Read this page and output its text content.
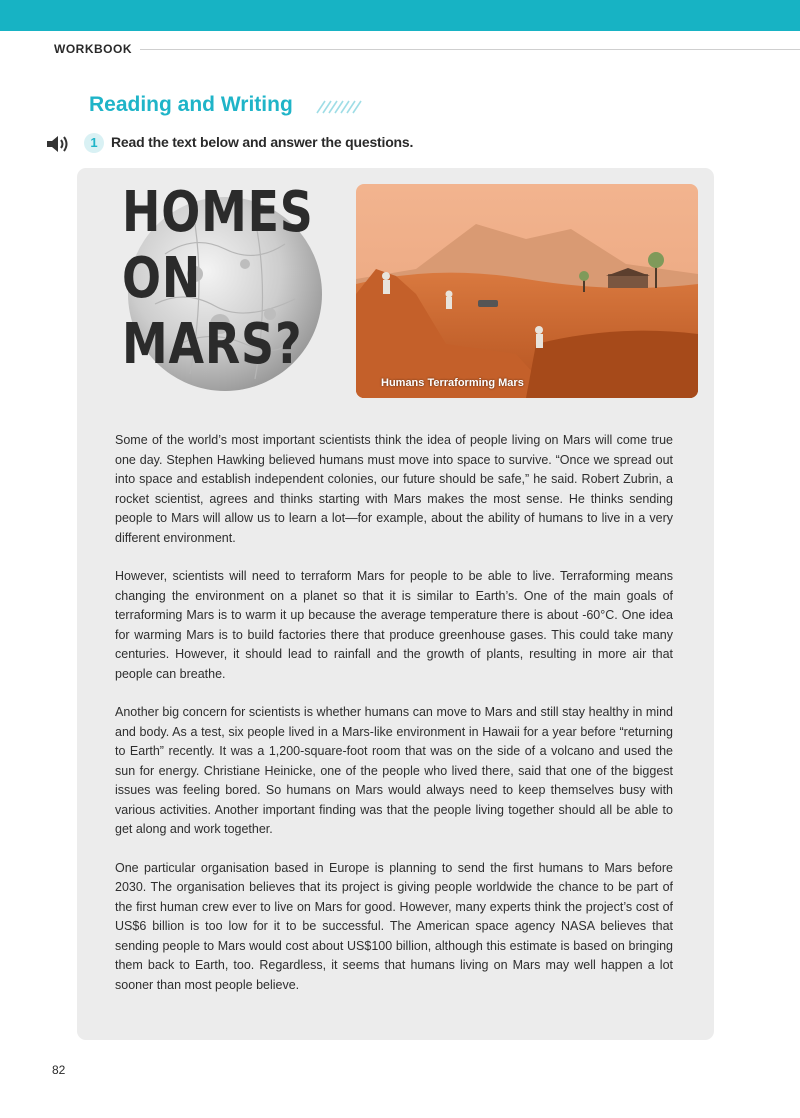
WORKBOOK
Reading and Writing
1 Read the text below and answer the questions.
HOMES
ON
MARS?
Humans Terraforming Mars

Some of the world’s most important scientists think the idea of people living on Mars will come true one day. Stephen Hawking believed humans must move into space to survive. “Once we spread out into space and establish independent colonies, our future should be safe,” he said. Robert Zubrin, a rocket scientist, agrees and thinks starting with Mars makes the most sense. He thinks sending people to Mars will allow us to learn a lot—for example, about the ability of humans to live in a very different environment.

However, scientists will need to terraform Mars for people to be able to live. Terraforming means changing the environment on a planet so that it is similar to Earth’s. One of the main goals of terraforming Mars is to warm it up because the average temperature there is about -60°C. One idea for warming Mars is to build factories there that produce greenhouse gases. This could take many centuries. However, it should lead to rainfall and the growth of plants, resulting in more air that people can breathe.

Another big concern for scientists is whether humans can move to Mars and still stay healthy in mind and body. As a test, six people lived in a Mars-like environment in Hawaii for a year before “returning to Earth” recently. It was a 1,200-square-foot room that was on the side of a volcano and used the sun for energy. Christiane Heinicke, one of the people who lived there, said that one of the biggest issues was feeling bored. So humans on Mars would always need to keep themselves busy with various activities. Another important finding was that the people living together should all be able to get along and work together.

One particular organisation based in Europe is planning to send the first humans to Mars before 2030. The organisation believes that its project is giving people worldwide the chance to be part of the first human crew ever to live on Mars for good. However, many experts think the project’s cost of US$6 billion is too low for it to be successful. The American space agency NASA believes that sending people to Mars would cost about US$100 billion, although this estimate is based on bringing them back to Earth, too. Regardless, it seems that humans living on Mars may well happen a lot sooner than most people believe.

82
